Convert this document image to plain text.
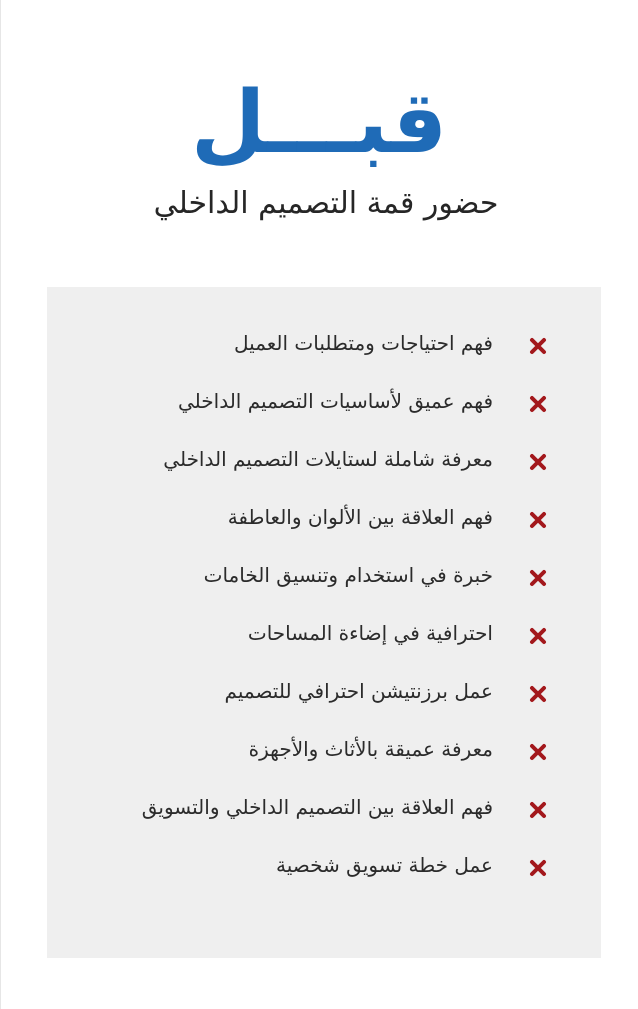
قبـــل
حضور قمة التصميم الداخلي
فهم احتياجات ومتطلبات العميل
فهم عميق لأساسيات التصميم الداخلي
معرفة شاملة لستايلات التصميم الداخلي
فهم العلاقة بين الألوان والعاطفة
خبرة في استخدام وتنسيق الخامات
احترافية في إضاءة المساحات
عمل برزنتيشن احترافي للتصميم
معرفة عميقة بالأثاث والأجهزة
فهم العلاقة بين التصميم الداخلي والتسويق
عمل خطة تسويق شخصية
